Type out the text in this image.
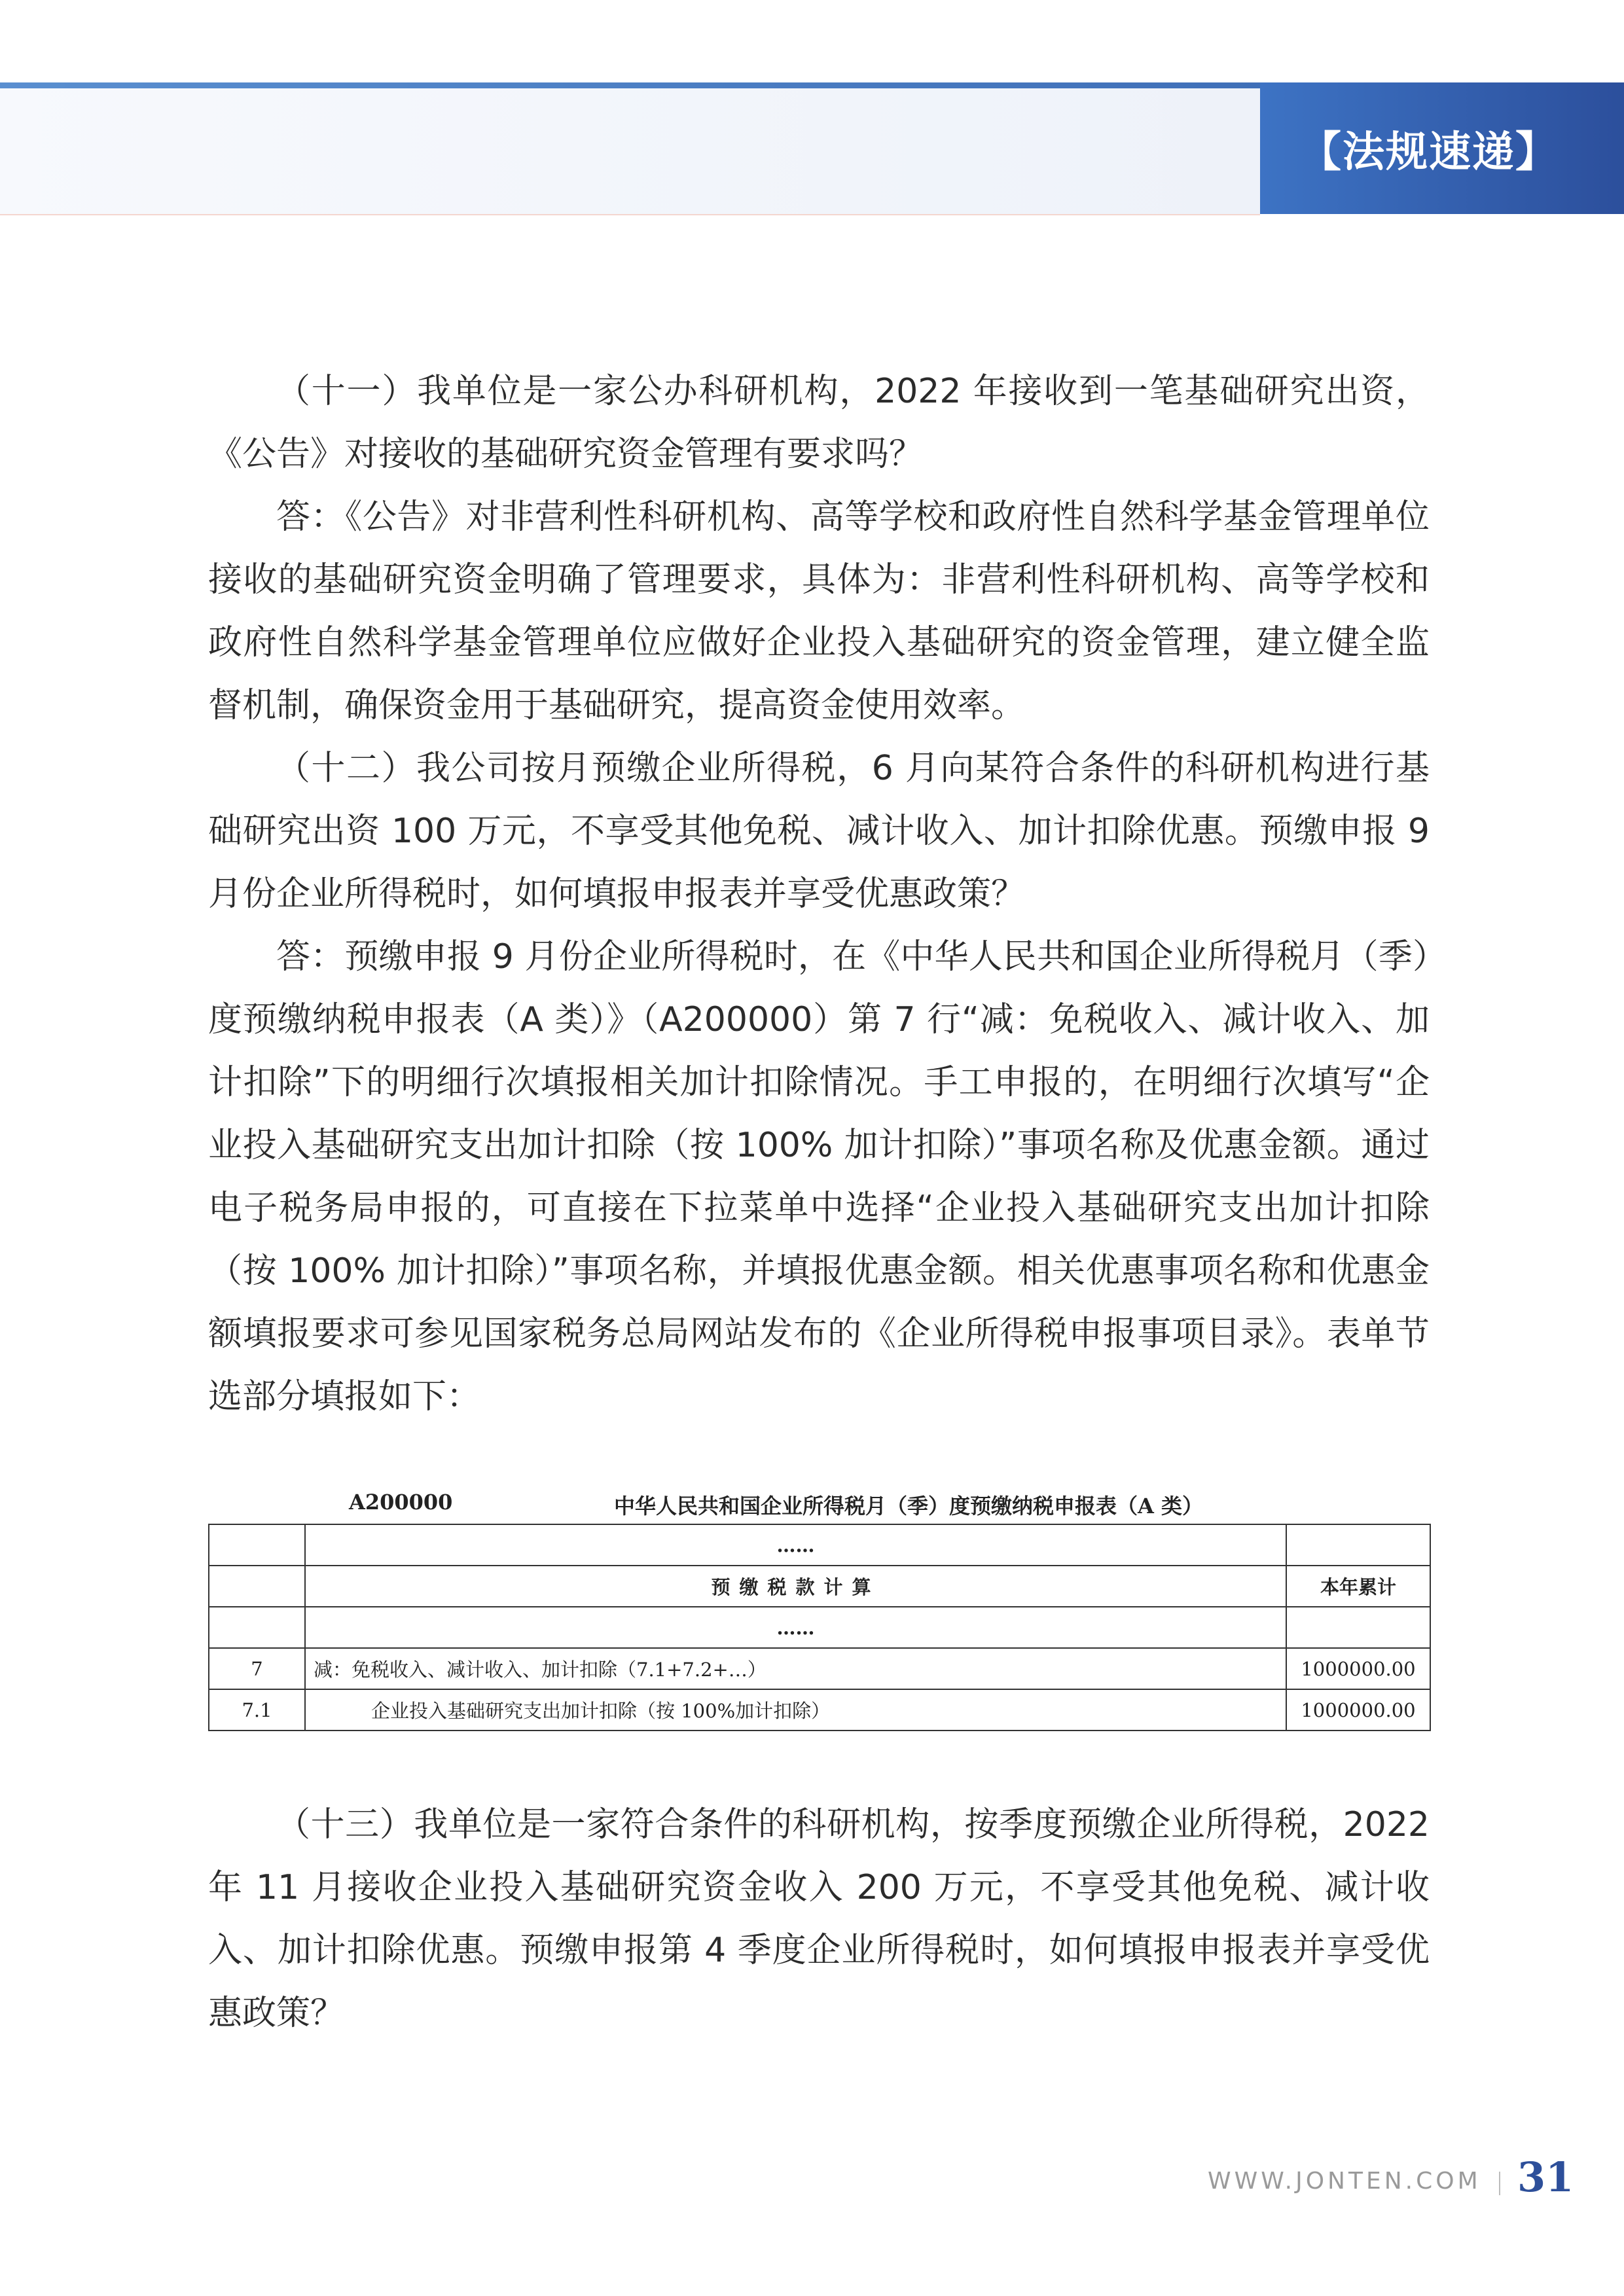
【法规速递】

（十一）我单位是一家公办科研机构，2022 年接收到一笔基础研究出资，《公告》对接收的基础研究资金管理有要求吗？

答：《公告》对非营利性科研机构、高等学校和政府性自然科学基金管理单位接收的基础研究资金明确了管理要求，具体为：非营利性科研机构、高等学校和政府性自然科学基金管理单位应做好企业投入基础研究的资金管理，建立健全监督机制，确保资金用于基础研究，提高资金使用效率。

（十二）我公司按月预缴企业所得税，6 月向某符合条件的科研机构进行基础研究出资 100 万元，不享受其他免税、减计收入、加计扣除优惠。预缴申报 9 月份企业所得税时，如何填报申报表并享受优惠政策？

答：预缴申报 9 月份企业所得税时，在《中华人民共和国企业所得税月（季）度预缴纳税申报表（A 类）》（A200000）第 7 行“减：免税收入、减计收入、加计扣除”下的明细行次填报相关加计扣除情况。手工申报的，在明细行次填写“企业投入基础研究支出加计扣除（按 100% 加计扣除）”事项名称及优惠金额。通过电子税务局申报的，可直接在下拉菜单中选择“企业投入基础研究支出加计扣除（按 100% 加计扣除）”事项名称，并填报优惠金额。相关优惠事项名称和优惠金额填报要求可参见国家税务总局网站发布的《企业所得税申报事项目录》。表单节选部分填报如下：

A200000	中华人民共和国企业所得税月（季）度预缴纳税申报表（A 类）
	……	
	预缴税款计算	本年累计
	……	
7	减：免税收入、减计收入、加计扣除（7.1+7.2+…）	1000000.00
7.1	企业投入基础研究支出加计扣除（按 100%加计扣除）	1000000.00

（十三）我单位是一家符合条件的科研机构，按季度预缴企业所得税，2022 年 11 月接收企业投入基础研究资金收入 200 万元，不享受其他免税、减计收入、加计扣除优惠。预缴申报第 4 季度企业所得税时，如何填报申报表并享受优惠政策？

WWW.JONTEN.COM 31
